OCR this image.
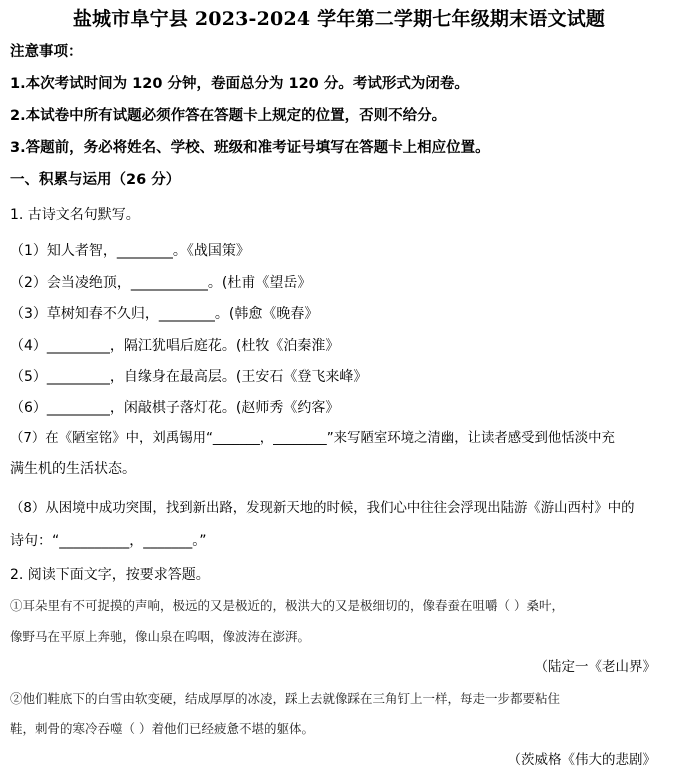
盐城市阜宁县 2023-2024 学年第二学期七年级期末语文试题
注意事项：
1.本次考试时间为 120 分钟，卷面总分为 120 分。考试形式为闭卷。
2.本试卷中所有试题必须作答在答题卡上规定的位置，否则不给分。
3.答题前，务必将姓名、学校、班级和准考证号填写在答题卡上相应位置。
一、积累与运用（26 分）
1. 古诗文名句默写。
（1）知人者智，________。《战国策》
（2）会当凌绝顶，___________。(杜甫《望岳》
（3）草树知春不久归，________。(韩愈《晚春》
（4）_________，隔江犹唱后庭花。(杜牧《泊秦淮》
（5）_________，自缘身在最高层。(王安石《登飞来峰》
（6）_________，闲敲棋子落灯花。(赵师秀《约客》
（7）在《陋室铭》中，刘禹锡用“_______，________”来写陋室环境之清幽，让读者感受到他恬淡中充
满生机的生活状态。
（8）从困境中成功突围，找到新出路，发现新天地的时候，我们心中往往会浮现出陆游《游山西村》中的
诗句：“__________，_______。”
2. 阅读下面文字，按要求答题。
①耳朵里有不可捉摸的声响，极远的又是极近的，极洪大的又是极细切的，像春蚕在咀嚼（ ）桑叶，
像野马在平原上奔驰，像山泉在呜咽，像波涛在澎湃。
（陆定一《老山界》
②他们鞋底下的白雪由软变硬，结成厚厚的冰凌，踩上去就像踩在三角钉上一样，每走一步都要粘住
鞋，刺骨的寒冷吞噬（ ）着他们已经疲惫不堪的躯体。
（茨威格《伟大的悲剧》
